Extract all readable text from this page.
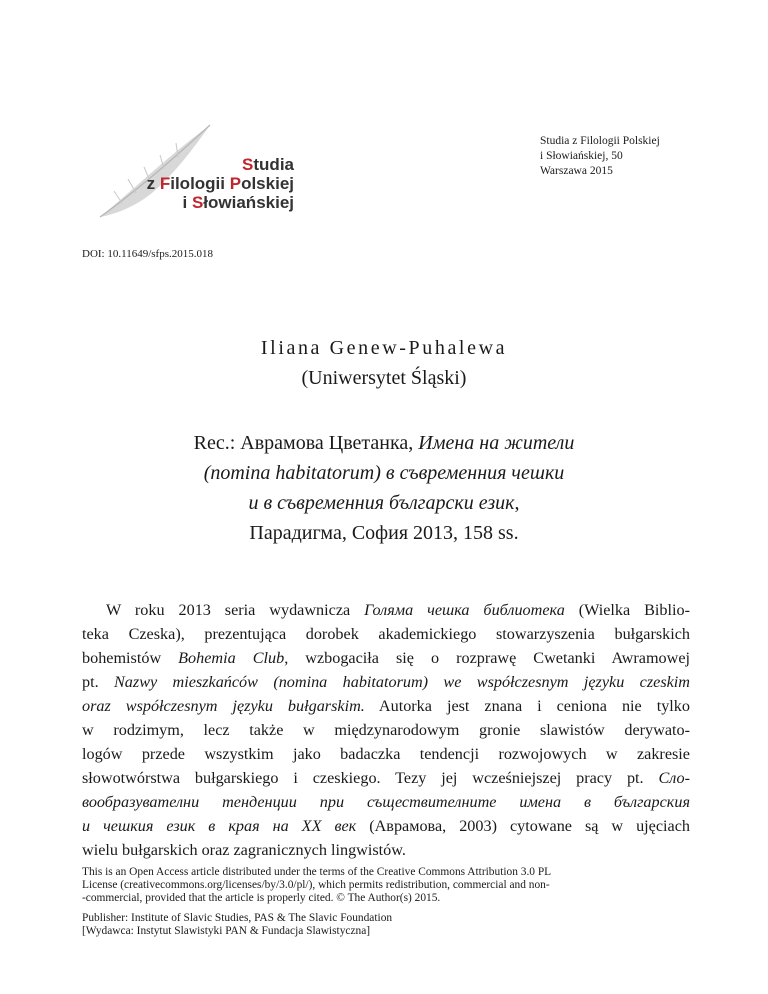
Studia
z Filologii Polskiej
i Słowiańskiej
Studia z Filologii Polskiej
i Słowiańskiej, 50
Warszawa 2015
DOI: 10.11649/sfps.2015.018
Iliana Genew-Puhalewa
(Uniwersytet Śląski)
Rec.: Аврамова Цветанка, Имена на жители
(nomina habitatorum) в съвременния чешки
и в съвременния български език,
Парадигма, София 2013, 158 ss.
W roku 2013 seria wydawnicza Голяма чешка библиотека (Wielka Biblio-
teka Czeska), prezentująca dorobek akademickiego stowarzyszenia bułgarskich
bohemistów Bohemia Club, wzbogaciła się o rozprawę Cwetanki Awramowej
pt. Nazwy mieszkańców (nomina habitatorum) we współczesnym języku czeskim
oraz współczesnym języku bułgarskim. Autorka jest znana i ceniona nie tylko
w rodzimym, lecz także w międzynarodowym gronie slawistów derywato-
logów przede wszystkim jako badaczka tendencji rozwojowych w zakresie
słowotwórstwa bułgarskiego i czeskiego. Tezy jej wcześniejszej pracy pt. Сло-
вообразувателни тенденции при съществителните имена в българския
и чешкия език в края на XX век (Аврамова, 2003) cytowane są w ujęciach
wielu bułgarskich oraz zagranicznych lingwistów.
This is an Open Access article distributed under the terms of the Creative Commons Attribution 3.0 PL
License (creativecommons.org/licenses/by/3.0/pl/), which permits redistribution, commercial and non-
-commercial, provided that the article is properly cited. © The Author(s) 2015.
Publisher: Institute of Slavic Studies, PAS & The Slavic Foundation
[Wydawca: Instytut Slawistyki PAN & Fundacja Slawistyczna]
